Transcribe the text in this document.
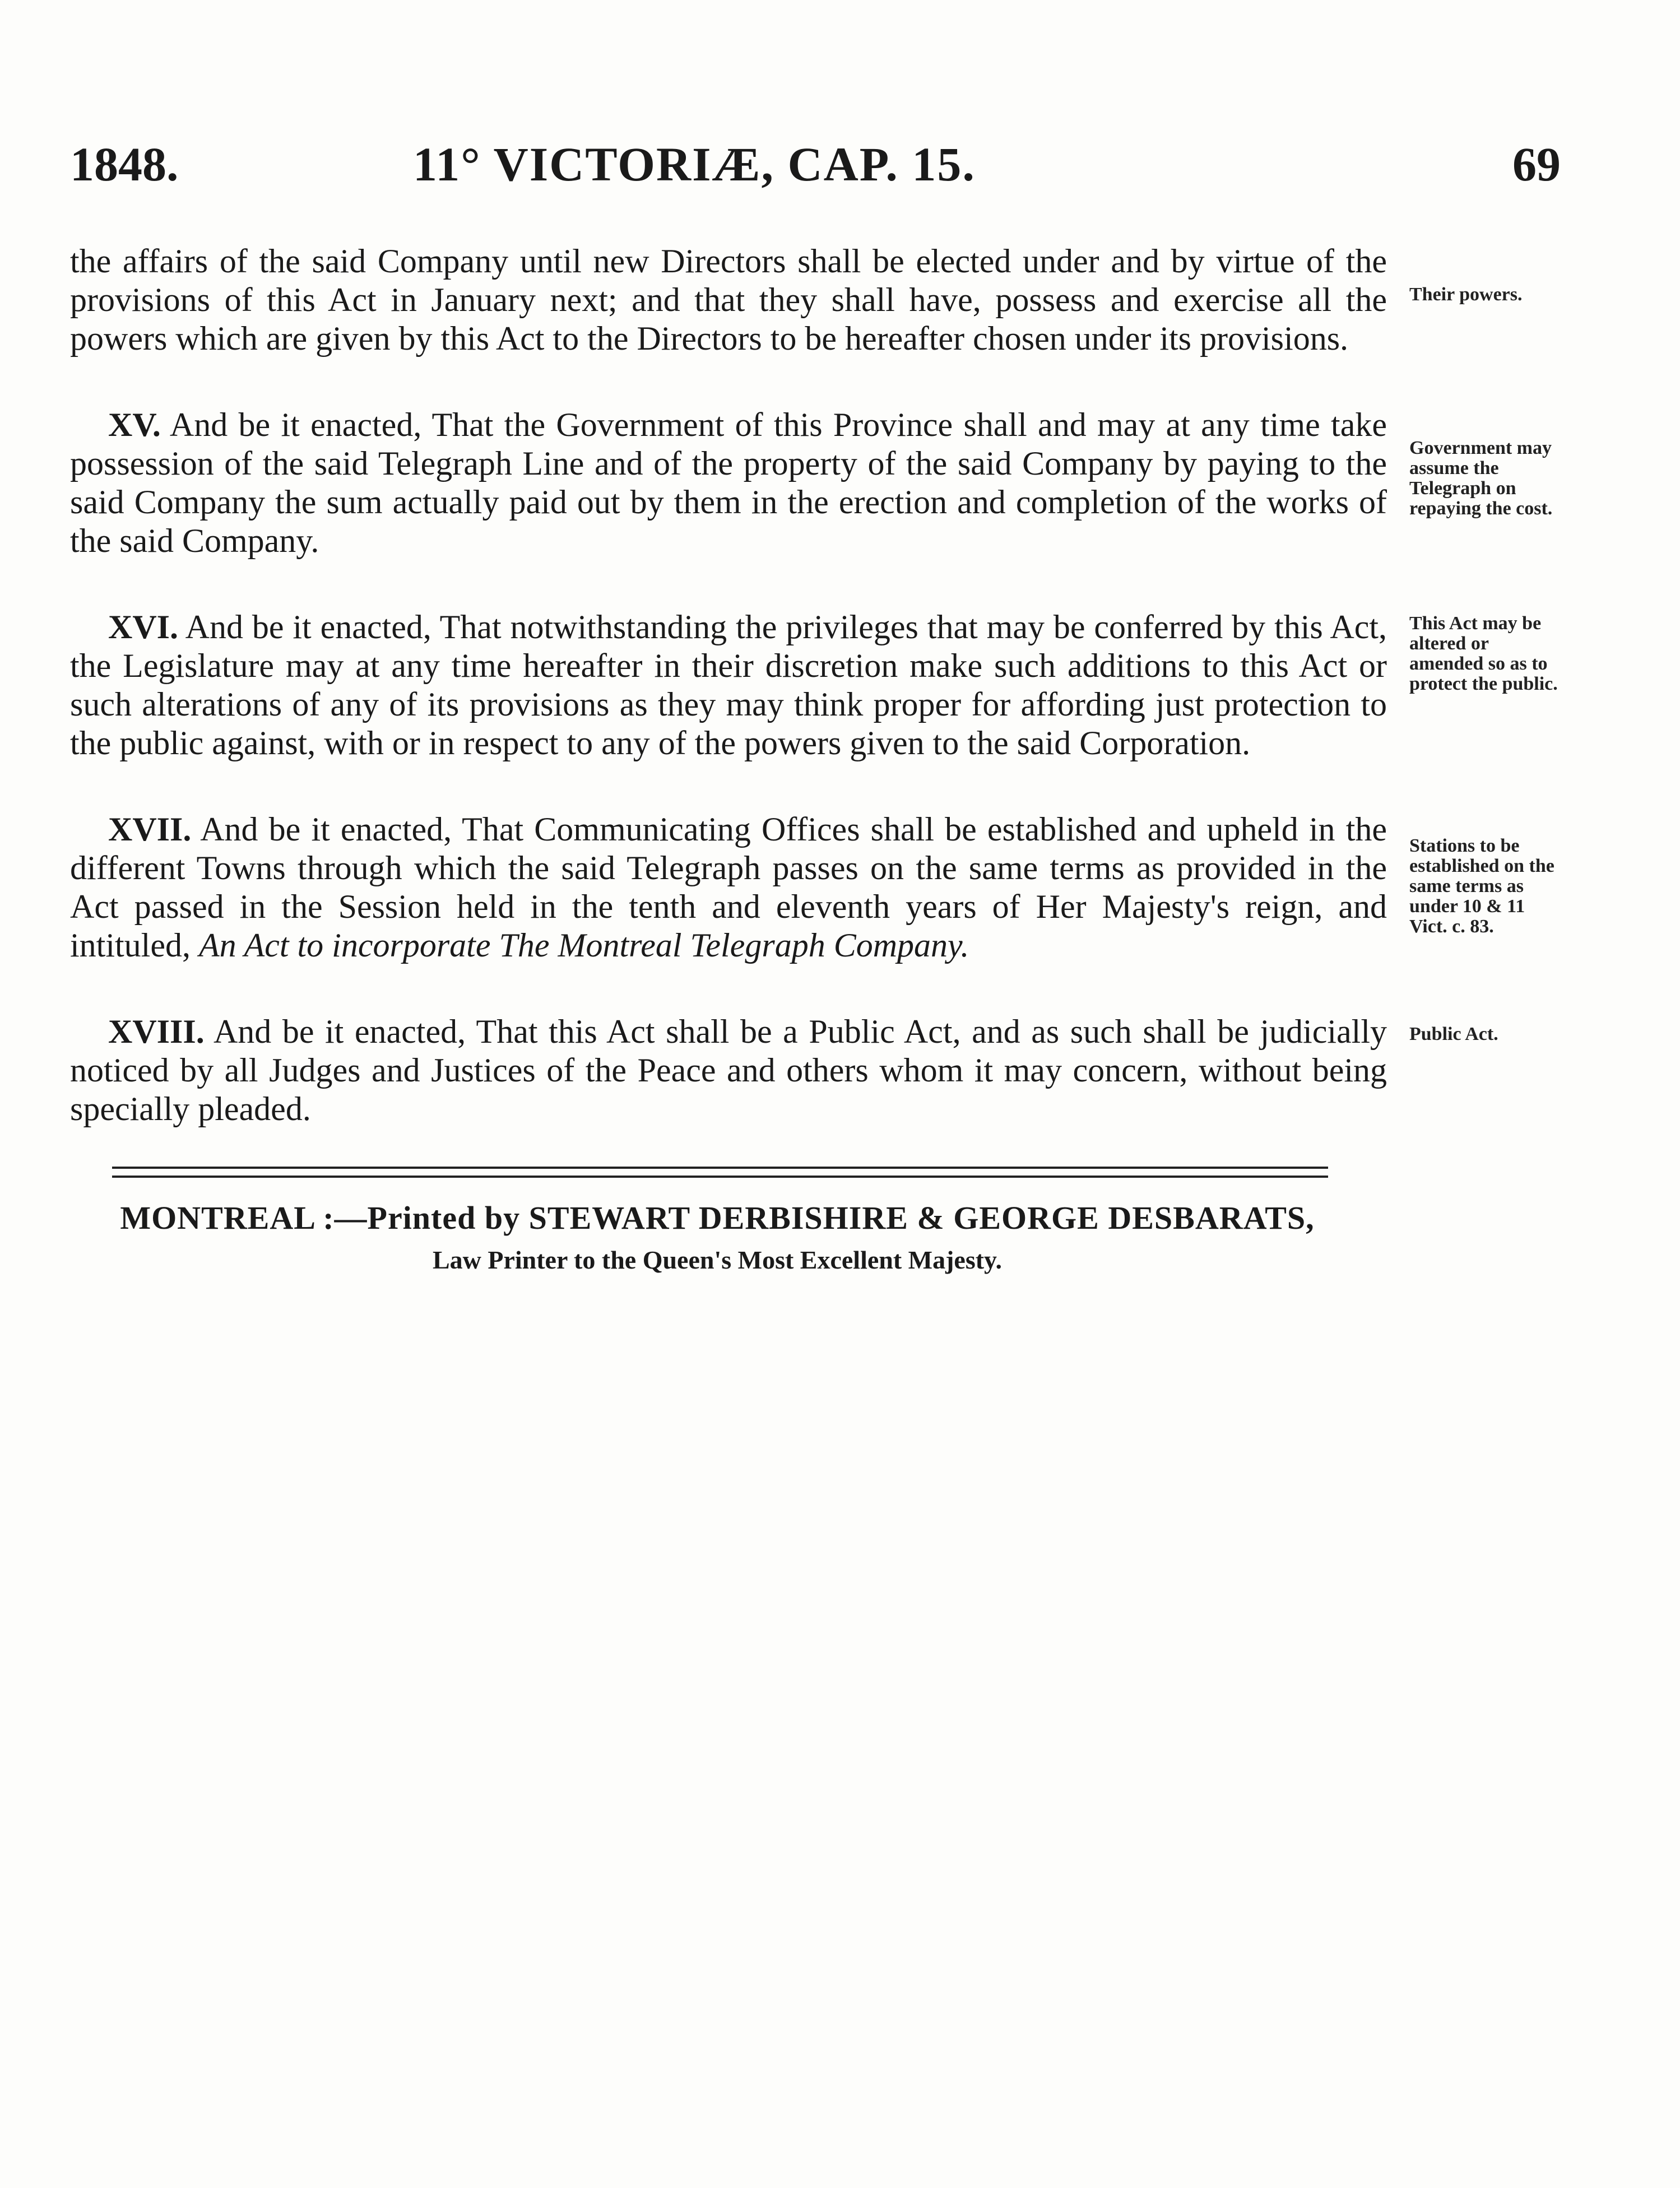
1848.	11° VICTORIÆ, CAP. 15.	69

the affairs of the said Company until new Directors shall be elected under and by virtue of the provisions of this Act in January next; and that they shall have, possess and exercise all the powers which are given by this Act to the Directors to be hereafter chosen under its provisions.

XV. And be it enacted, That the Government of this Province shall and may at any time take possession of the said Telegraph Line and of the property of the said Company by paying to the said Company the sum actually paid out by them in the erection and completion of the works of the said Company.

XVI. And be it enacted, That notwithstanding the privileges that may be conferred by this Act, the Legislature may at any time hereafter in their discretion make such additions to this Act or such alterations of any of its provisions as they may think proper for affording just protection to the public against, with or in respect to any of the powers given to the said Corporation.

XVII. And be it enacted, That Communicating Offices shall be established and upheld in the different Towns through which the said Telegraph passes on the same terms as provided in the Act passed in the Session held in the tenth and eleventh years of Her Majesty's reign, and intituled, An Act to incorporate The Montreal Telegraph Company.

XVIII. And be it enacted, That this Act shall be a Public Act, and as such shall be judicially noticed by all Judges and Justices of the Peace and others whom it may concern, without being specially pleaded.

Their powers.
Government may assume the Telegraph on repaying the cost.
This Act may be altered or amended so as to protect the public.
Stations to be established on the same terms as under 10 & 11 Vict. c. 83.
Public Act.
MONTREAL :—Printed by STEWART DERBISHIRE & GEORGE DESBARATS,
Law Printer to the Queen's Most Excellent Majesty.
